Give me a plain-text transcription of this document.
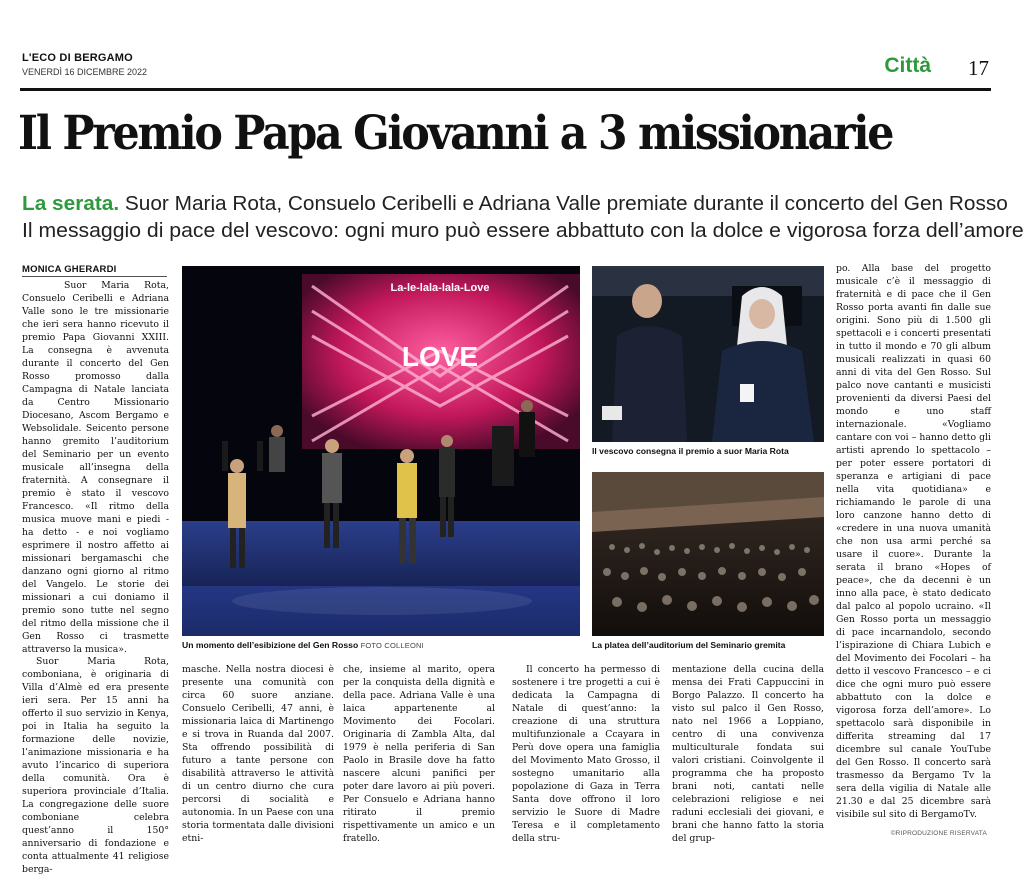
L'ECO DI BERGAMO
VENERDÌ 16 DICEMBRE 2022	Città 17
Il Premio Papa Giovanni a 3 missionarie
La serata. Suor Maria Rota, Consuelo Ceribelli e Adriana Valle premiate durante il concerto del Gen Rosso
Il messaggio di pace del vescovo: ogni muro può essere abbattuto con la dolce e vigorosa forza dell’amore
MONICA GHERARDI

Suor Maria Rota, Consuelo Ceribelli e Adriana Valle sono le tre missionarie che ieri sera hanno ricevuto il premio Papa Giovanni XXIII. La consegna è avvenuta durante il concerto del Gen Rosso promosso dalla Campagna di Natale lanciata da Centro Missionario Diocesano, Ascom Bergamo e Websolidale. Seicento persone hanno gremito l’auditorium del Seminario per un evento musicale all’insegna della fraternità. A consegnare il premio è stato il vescovo Francesco. «Il ritmo della musica muove mani e piedi - ha detto - e noi vogliamo esprimere il nostro affetto ai missionari bergamaschi che danzano ogni giorno al ritmo del Vangelo. Le storie dei missionari a cui doniamo il premio sono tutte nel segno del ritmo della missione che il Gen Rosso ci trasmette attraverso la musica».

Suor Maria Rota, comboniana, è originaria di Villa d’Almè ed era presente ieri sera. Per 15 anni ha offerto il suo servizio in Kenya, poi in Italia ha seguito la formazione delle novizie, l’animazione missionaria e ha avuto l’incarico di superiora della comunità. Ora è superiora provinciale d’Italia. La congregazione delle suore comboniane celebra quest’anno il 150° anniversario di fondazione e conta attualmente 41 religiose berga-

La-le-lala-lala-Love
LOVE
Un momento dell’esibizione del Gen Rosso FOTO COLLEONI
Il vescovo consegna il premio a suor Maria Rota
La platea dell’auditorium del Seminario gremita

masche. Nella nostra diocesi è presente una comunità con circa 60 suore anziane. Consuelo Ceribelli, 47 anni, è missionaria laica di Martinengo e si trova in Ruanda dal 2007. Sta offrendo possibilità di futuro a tante persone con disabilità attraverso le attività di un centro diurno che cura percorsi di socialità e autonomia. In un Paese con una storia tormentata dalle divisioni etni-

che, insieme al marito, opera per la conquista della dignità e della pace. Adriana Valle è una laica appartenente al Movimento dei Focolari. Originaria di Zambla Alta, dal 1979 è nella periferia di San Paolo in Brasile dove ha fatto nascere alcuni panifici per poter dare lavoro ai più poveri. Per Consuelo e Adriana hanno ritirato il premio rispettivamente un amico e un fratello.

Il concerto ha permesso di sostenere i tre progetti a cui è dedicata la Campagna di Natale di quest’anno: la creazione di una struttura multifunzionale a Ccayara in Perù dove opera una famiglia del Movimento Mato Grosso, il sostegno umanitario alla popolazione di Gaza in Terra Santa dove offrono il loro servizio le Suore di Madre Teresa e il completamento della stru-

mentazione della cucina della mensa dei Frati Cappuccini in Borgo Palazzo. Il concerto ha visto sul palco il Gen Rosso, nato nel 1966 a Loppiano, centro di una convivenza multiculturale fondata sui valori cristiani. Coinvolgente il programma che ha proposto brani noti, cantati nelle celebrazioni religiose e nei raduni ecclesiali dei giovani, e brani che hanno fatto la storia del grup-

po. Alla base del progetto musicale c’è il messaggio di fraternità e di pace che il Gen Rosso porta avanti fin dalle sue origini. Sono più di 1.500 gli spettacoli e i concerti presentati in tutto il mondo e 70 gli album musicali realizzati in quasi 60 anni di vita del Gen Rosso. Sul palco nove cantanti e musicisti provenienti da diversi Paesi del mondo e uno staff internazionale. «Vogliamo cantare con voi – hanno detto gli artisti aprendo lo spettacolo – per poter essere portatori di speranza e artigiani di pace nella vita quotidiana» e richiamando le parole di una loro canzone hanno detto di «credere in una nuova umanità che non usa armi perché sa usare il cuore». Durante la serata il brano «Hopes of peace», che da decenni è un inno alla pace, è stato dedicato dal palco al popolo ucraino. «Il Gen Rosso porta un messaggio di pace incarnandolo, secondo l’ispirazione di Chiara Lubich e del Movimento dei Focolari – ha detto il vescovo Francesco – e ci dice che ogni muro può essere abbattuto con la dolce e vigorosa forza dell’amore». Lo spettacolo sarà disponibile in differita streaming dal 17 dicembre sul canale YouTube del Gen Rosso. Il concerto sarà trasmesso da Bergamo Tv la sera della vigilia di Natale alle 21.30 e dal 25 dicembre sarà visibile sul sito di BergamoTv.

©RIPRODUZIONE RISERVATA
